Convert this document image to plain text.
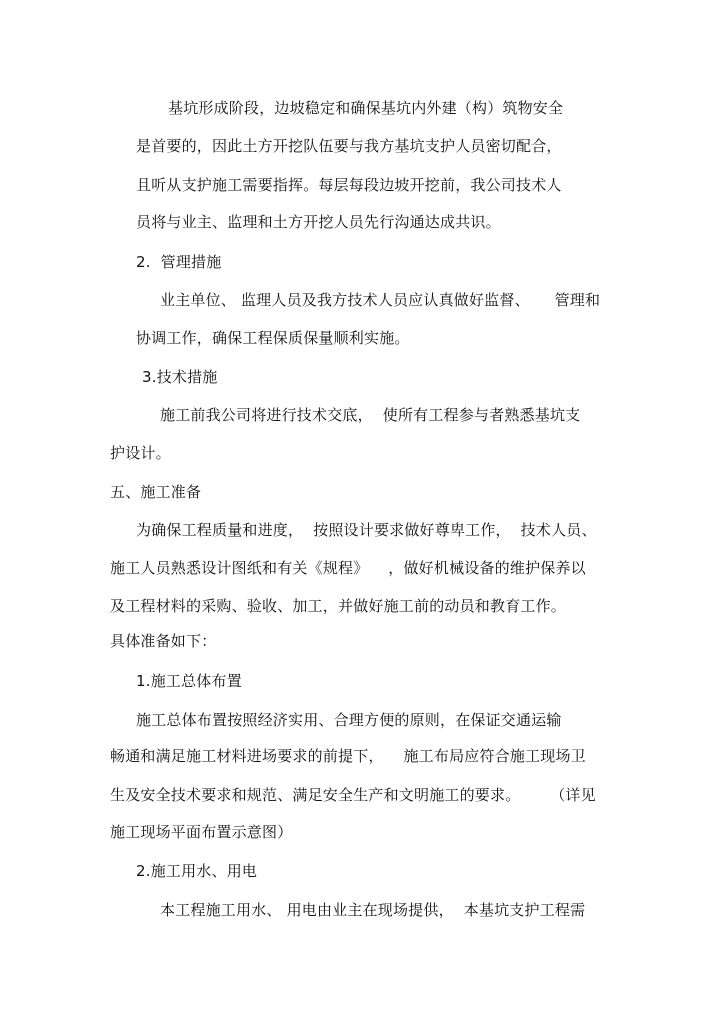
基坑形成阶段，边坡稳定和确保基坑内外建（构）筑物安全
是首要的，因此土方开挖队伍要与我方基坑支护人员密切配合，
且听从支护施工需要指挥。每层每段边坡开挖前，我公司技术人
员将与业主、监理和土方开挖人员先行沟通达成共识。
2.  管理措施
业主单位、 监理人员及我方技术人员应认真做好监督、     管理和
协调工作，确保工程保质保量顺利实施。
3.技术措施
施工前我公司将进行技术交底，  使所有工程参与者熟悉基坑支
护设计。
五、施工准备
为确保工程质量和进度，  按照设计要求做好尊卑工作，  技术人员、
施工人员熟悉设计图纸和有关《规程》    ，做好机械设备的维护保养以
及工程材料的采购、验收、加工，并做好施工前的动员和教育工作。
具体准备如下：
1.施工总体布置
施工总体布置按照经济实用、合理方便的原则，在保证交通运输
畅通和满足施工材料进场要求的前提下，    施工布局应符合施工现场卫
生及安全技术要求和规范、满足安全生产和文明施工的要求。      （详见
施工现场平面布置示意图）
2.施工用水、用电
本工程施工用水、 用电由业主在现场提供，  本基坑支护工程需
